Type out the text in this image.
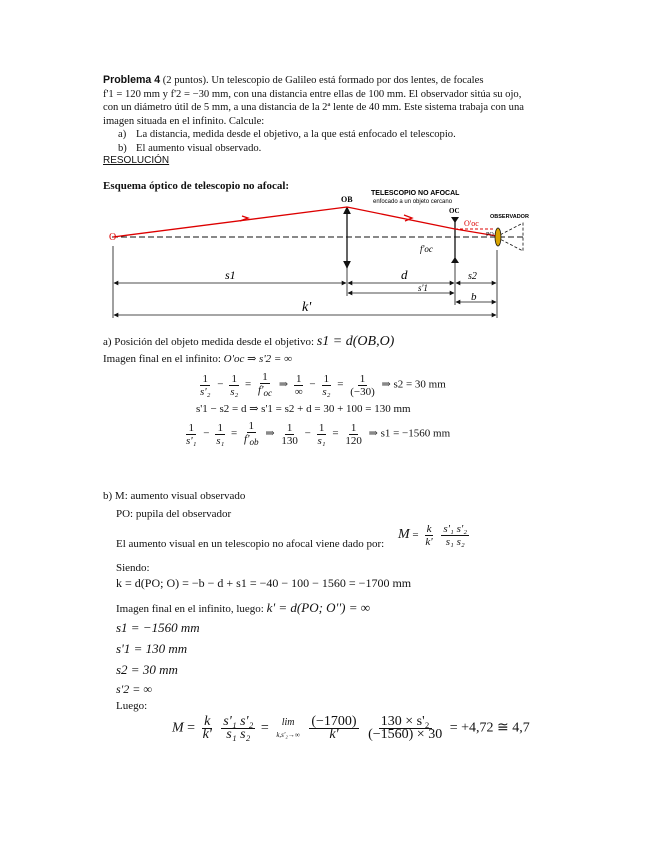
Problema 4 (2 puntos). Un telescopio de Galileo está formado por dos lentes, de focales
f'1 = 120 mm y f'2 = −30 mm, con una distancia entre ellas de 100 mm. El observador sitúa su ojo,
con un diámetro útil de 5 mm, a una distancia de la 2ª lente de 40 mm. Este sistema trabaja con una
imagen situada en el infinito. Calcule:
a) La distancia, medida desde el objetivo, a la que está enfocado el telescopio.
b) El aumento visual observado.
RESOLUCIÓN
Esquema óptico de telescopio no afocal:
O
OB
OC
TELESCOPIO NO AFOCAL
enfocado a un objeto cercano
OBSERVADOR
O'oc
f'oc
PO
s1	d	s2
s'1
b
k'
a) Posición del objeto medida desde el objetivo: s1 = d(OB,O)
Imagen final en el infinito: O'oc ⇒ s'2 = ∞
$\frac{1}{\text{s'₂}} - \frac{1}{\text{s₂}} = \frac{1}{f'_{oc}}$ ⇒ $\frac{1}{\infty} - \frac{1}{\text{s₂}} = \frac{1}{(-30)}$ ⇒ s2 = 30 mm
s'1 − s2 = d ⇒ s'1 = s2 + d = 30 + 100 = 130 mm
$\frac{1}{\text{s'₁}} - \frac{1}{\text{s₁}} = \frac{1}{f'_{ob}}$ ⇒ $\frac{1}{130} - \frac{1}{\text{s₁}} = \frac{1}{120}$ ⇒ s1 = −1560 mm
b) M: aumento visual observado
PO: pupila del observador
El aumento visual en un telescopio no afocal viene dado por:
$M = \frac{k}{k'}$
$\frac{\text{s'₁ s'₂}}{\text{s₁ s₂}}$
Siendo:
k = d(PO; O) = −b − d + s1 = −40 − 100 − 1560 = −1700 mm
Imagen final en el infinito, luego: k' = d(PO; O'') = ∞
s1 = −1560 mm
s'1 = 130 mm
s2 = 30 mm
s'2 = ∞
Luego:
$M = \frac{k}{k'}$
$\frac{\text{s'₁ s'₂}}{\text{s₁ s₂}} = \lim$
k,s'₂→∞
$\frac{(-1700)}{k'}$
$\frac{\text{130 × s'₂}}{(-1560) \times 30} = +4,72$ ≅ 4,7
